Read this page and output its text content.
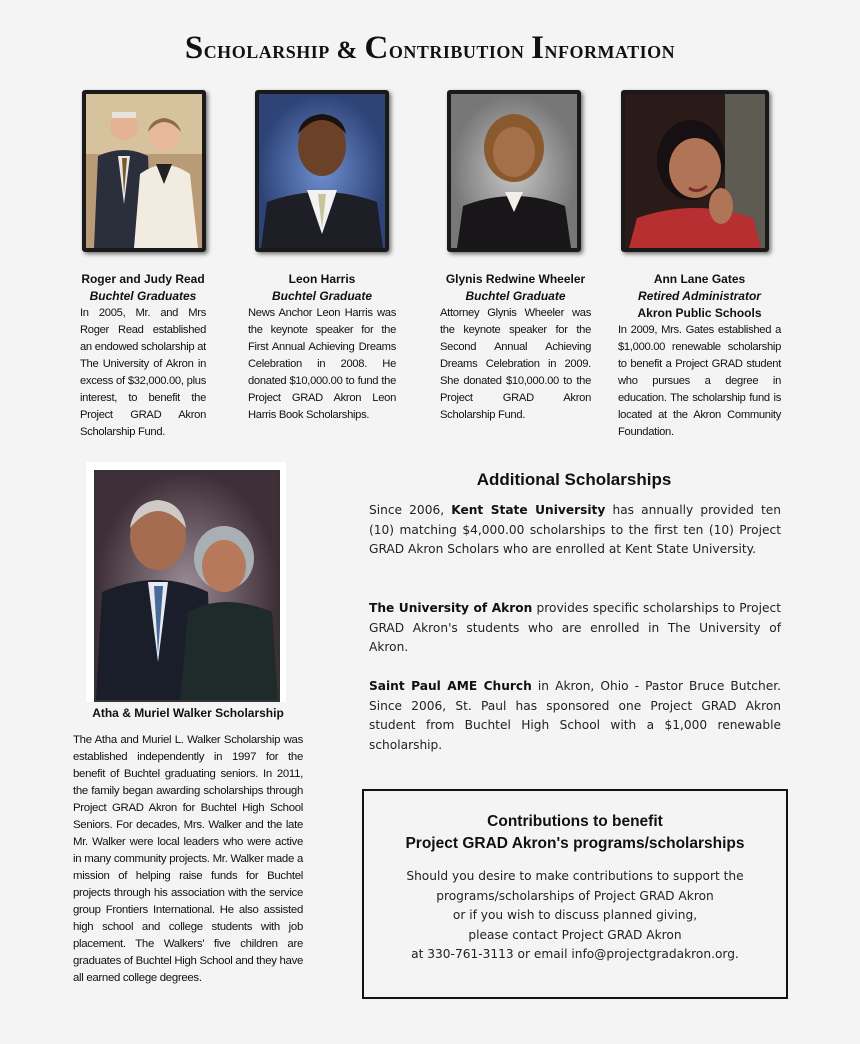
Scholarship & Contribution Information
Roger and Judy Read
Buchtel Graduates
In 2005, Mr. and Mrs Roger Read established an endowed scholarship at The University of Akron in excess of $32,000.00, plus interest, to benefit the Project GRAD Akron Scholarship Fund.
Leon Harris
Buchtel Graduate
News Anchor Leon Harris was the keynote speaker for the First Annual Achieving Dreams Celebration in 2008. He donated $10,000.00 to fund the Project GRAD Akron Leon Harris Book Scholarships.
Glynis Redwine Wheeler
Buchtel Graduate
Attorney Glynis Wheeler was the keynote speaker for the Second Annual Achieving Dreams Celebration in 2009. She donated $10,000.00 to the Project GRAD Akron Scholarship Fund.
Ann Lane Gates
Retired Administrator
Akron Public Schools
In 2009, Mrs. Gates established a $1,000.00 renewable scholarship to benefit a Project GRAD student who pursues a degree in education. The scholarship fund is located at the Akron Community Foundation.
Atha & Muriel Walker Scholarship
The Atha and Muriel L. Walker Scholarship was established independently in 1997 for the benefit of Buchtel graduating seniors. In 2011, the family began awarding scholarships through Project GRAD Akron for Buchtel High School Seniors. For decades, Mrs. Walker and the late Mr. Walker were local leaders who were active in many community projects. Mr. Walker made a mission of helping raise funds for Buchtel projects through his association with the service group Frontiers International. He also assisted high school and college students with job placement. The Walkers' five children are graduates of Buchtel High School and they have all earned college degrees.
Additional Scholarships
Since 2006, Kent State University has annually provided ten (10) matching $4,000.00 scholarships to the first ten (10) Project GRAD Akron Scholars who are enrolled at Kent State University.
The University of Akron provides specific scholarships to Project GRAD Akron's students who are enrolled in The University of Akron.
Saint Paul AME Church in Akron, Ohio - Pastor Bruce Butcher. Since 2006, St. Paul has sponsored one Project GRAD Akron student from Buchtel High School with a $1,000 renewable scholarship.
Contributions to benefit
Project GRAD Akron's programs/scholarships
Should you desire to make contributions to support the
programs/scholarships of Project GRAD Akron
or if you wish to discuss planned giving,
please contact Project GRAD Akron
at 330-761-3113 or email info@projectgradakron.org.
